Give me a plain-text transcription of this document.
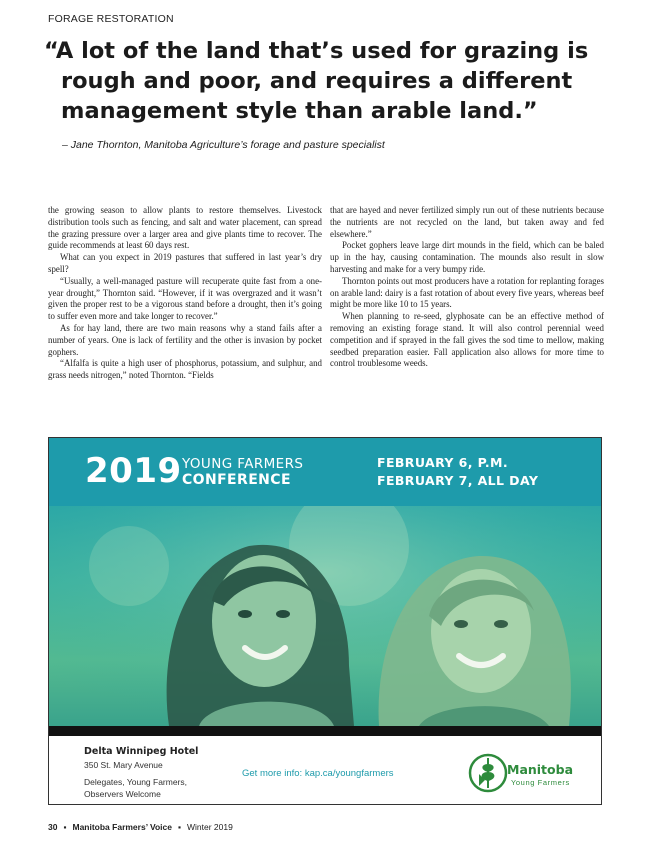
FORAGE RESTORATION
“A lot of the land that’s used for grazing is rough and poor, and requires a different management style than arable land.”
– Jane Thornton, Manitoba Agriculture’s forage and pasture specialist

the growing season to allow plants to restore themselves. Livestock distribution tools such as fencing, and salt and water placement, can spread the grazing pressure over a larger area and give plants time to recover. The guide recommends at least 60 days rest.

What can you expect in 2019 pastures that suffered in last year’s dry spell?

“Usually, a well-managed pasture will recuperate quite fast from a one-year drought,” Thornton said. “However, if it was overgrazed and it wasn’t given the proper rest to be a vigorous stand before a drought, then it’s going to suffer even more and take longer to recover.”

As for hay land, there are two main reasons why a stand fails after a number of years. One is lack of fertility and the other is invasion by pocket gophers.

“Alfalfa is quite a high user of phosphorus, potassium, and sulphur, and grass needs nitrogen,” noted Thornton. “Fields

that are hayed and never fertilized simply run out of these nutrients because the nutrients are not recycled on the land, but taken away and fed elsewhere.”

Pocket gophers leave large dirt mounds in the field, which can be baled up in the hay, causing contamination. The mounds also result in slow harvesting and make for a very bumpy ride.

Thornton points out most producers have a rotation for replanting forages on arable land: dairy is a fast rotation of about every five years, whereas beef might be more like 10 to 15 years.

When planning to re-seed, glyphosate can be an effective method of removing an existing forage stand. It will also control perennial weed competition and if sprayed in the fall gives the sod time to mellow, making seedbed preparation easier. Fall application also allows for more time to control troublesome weeds.

2019 YOUNG FARMERS
CONFERENCE
FEBRUARY 6, P.M.
FEBRUARY 7, ALL DAY
Delta Winnipeg Hotel
350 St. Mary Avenue
Delegates, Young Farmers, Observers Welcome
Get more info: kap.ca/youngfarmers	Manitoba
Young Farmers
30 ▪ Manitoba Farmers’ Voice ▪ Winter 2019
